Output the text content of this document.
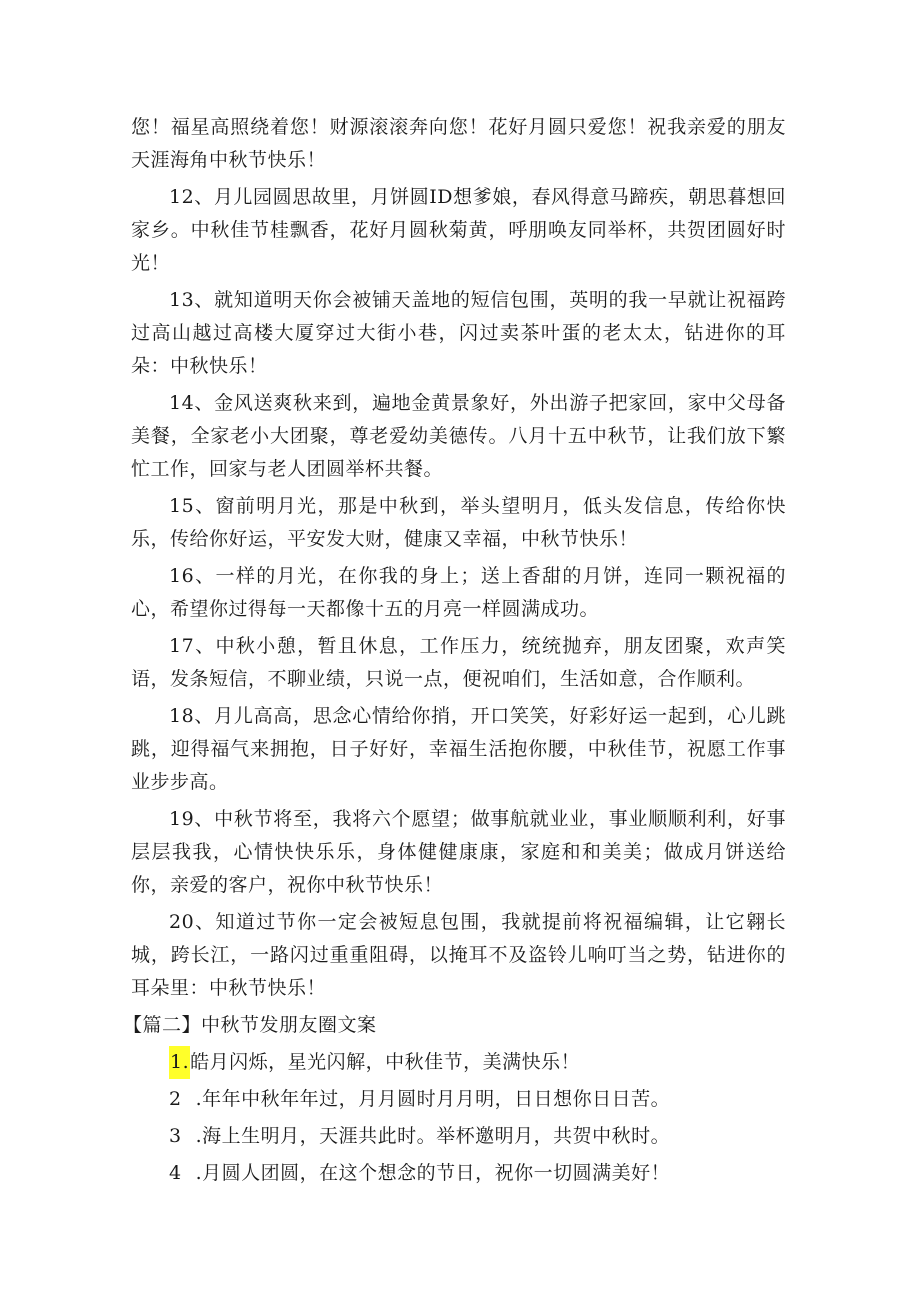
您！福星高照绕着您！财源滚滚奔向您！花好月圆只爱您！祝我亲爱的朋友天涯海角中秋节快乐！

12、月儿园圆思故里，月饼圆ID想爹娘，春风得意马蹄疾，朝思暮想回家乡。中秋佳节桂飘香，花好月圆秋菊黄，呼朋唤友同举杯，共贺团圆好时光！

13、就知道明天你会被铺天盖地的短信包围，英明的我一早就让祝福跨过高山越过高楼大厦穿过大街小巷，闪过卖茶叶蛋的老太太，钻进你的耳朵：中秋快乐！

14、金风送爽秋来到，遍地金黄景象好，外出游子把家回，家中父母备美餐，全家老小大团聚，尊老爱幼美德传。八月十五中秋节，让我们放下繁忙工作，回家与老人团圆举杯共餐。

15、窗前明月光，那是中秋到，举头望明月，低头发信息，传给你快乐，传给你好运，平安发大财，健康又幸福，中秋节快乐！

16、一样的月光，在你我的身上；送上香甜的月饼，连同一颗祝福的心，希望你过得每一天都像十五的月亮一样圆满成功。

17、中秋小憩，暂且休息，工作压力，统统抛弃，朋友团聚，欢声笑语，发条短信，不聊业绩，只说一点，便祝咱们，生活如意，合作顺利。

18、月儿高高，思念心情给你捎，开口笑笑，好彩好运一起到，心儿跳跳，迎得福气来拥抱，日子好好，幸福生活抱你腰，中秋佳节，祝愿工作事业步步高。

19、中秋节将至，我将六个愿望；做事航就业业，事业顺顺利利，好事层层我我，心情快快乐乐，身体健健康康，家庭和和美美；做成月饼送给你，亲爱的客户，祝你中秋节快乐！

20、知道过节你一定会被短息包围，我就提前将祝福编辑，让它翱长城，跨长江，一路闪过重重阻碍，以掩耳不及盗铃儿响叮当之势，钻进你的耳朵里：中秋节快乐！

【篇二】中秋节发朋友圈文案

1.皓月闪烁，星光闪解，中秋佳节，美满快乐！
2 .年年中秋年年过，月月圆时月月明，日日想你日日苦。
3 .海上生明月，天涯共此时。举杯邀明月，共贺中秋时。
4 .月圆人团圆，在这个想念的节日，祝你一切圆满美好！
